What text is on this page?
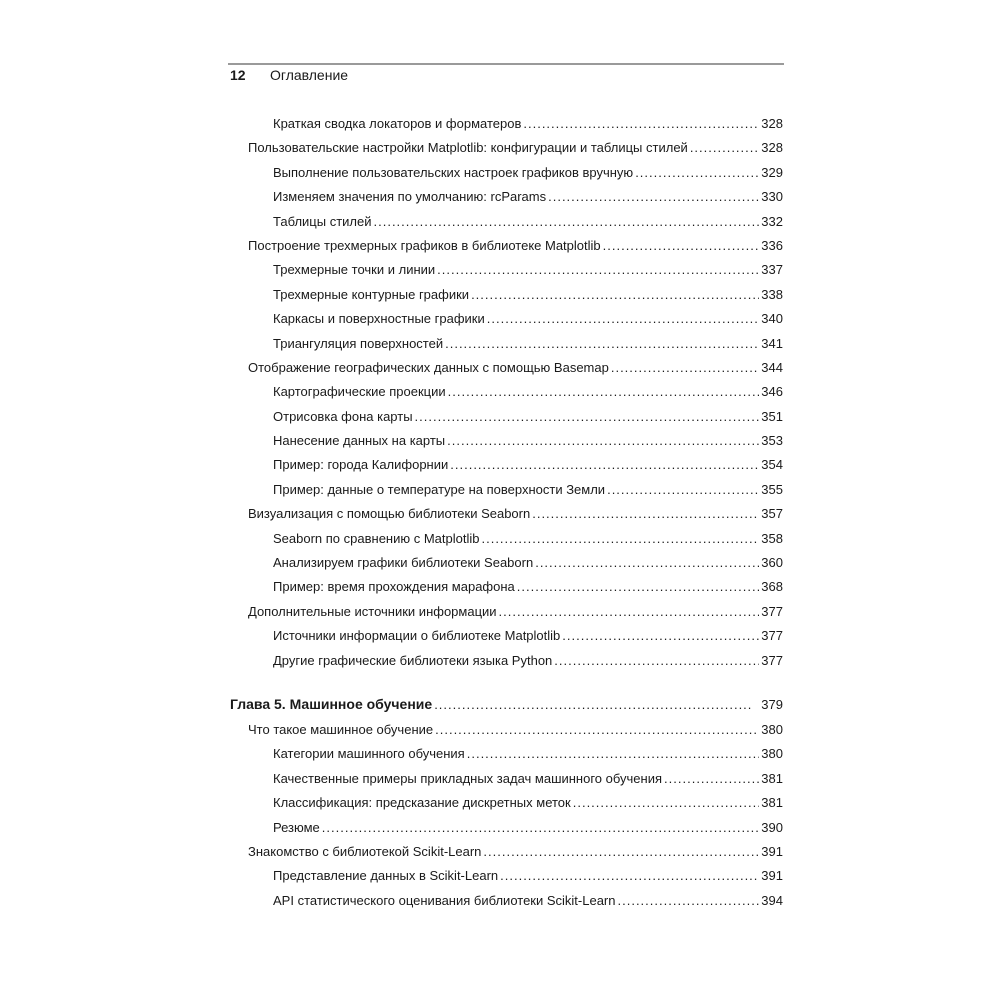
12 Оглавление
Краткая сводка локаторов и форматеров .....	328
Пользовательские настройки Matplotlib: конфигурации и таблицы стилей .....	328
Выполнение пользовательских настроек графиков вручную .....	329
Изменяем значения по умолчанию: rcParams .....	330
Таблицы стилей .....	332
Построение трехмерных графиков в библиотеке Matplotlib .....	336
Трехмерные точки и линии .....	337
Трехмерные контурные графики .....	338
Каркасы и поверхностные графики .....	340
Триангуляция поверхностей .....	341
Отображение географических данных с помощью Basemap .....	344
Картографические проекции .....	346
Отрисовка фона карты .....	351
Нанесение данных на карты .....	353
Пример: города Калифорнии .....	354
Пример: данные о температуре на поверхности Земли .....	355
Визуализация с помощью библиотеки Seaborn .....	357
Seaborn по сравнению с Matplotlib .....	358
Анализируем графики библиотеки Seaborn .....	360
Пример: время прохождения марафона .....	368
Дополнительные источники информации .....	377
Источники информации о библиотеке Matplotlib .....	377
Другие графические библиотеки языка Python .....	377
Глава 5. Машинное обучение .....	379
Что такое машинное обучение .....	380
Категории машинного обучения .....	380
Качественные примеры прикладных задач машинного обучения .....	381
Классификация: предсказание дискретных меток .....	381
Резюме .....	390
Знакомство с библиотекой Scikit-Learn .....	391
Представление данных в Scikit-Learn .....	391
API статистического оценивания библиотеки Scikit-Learn .....	394
